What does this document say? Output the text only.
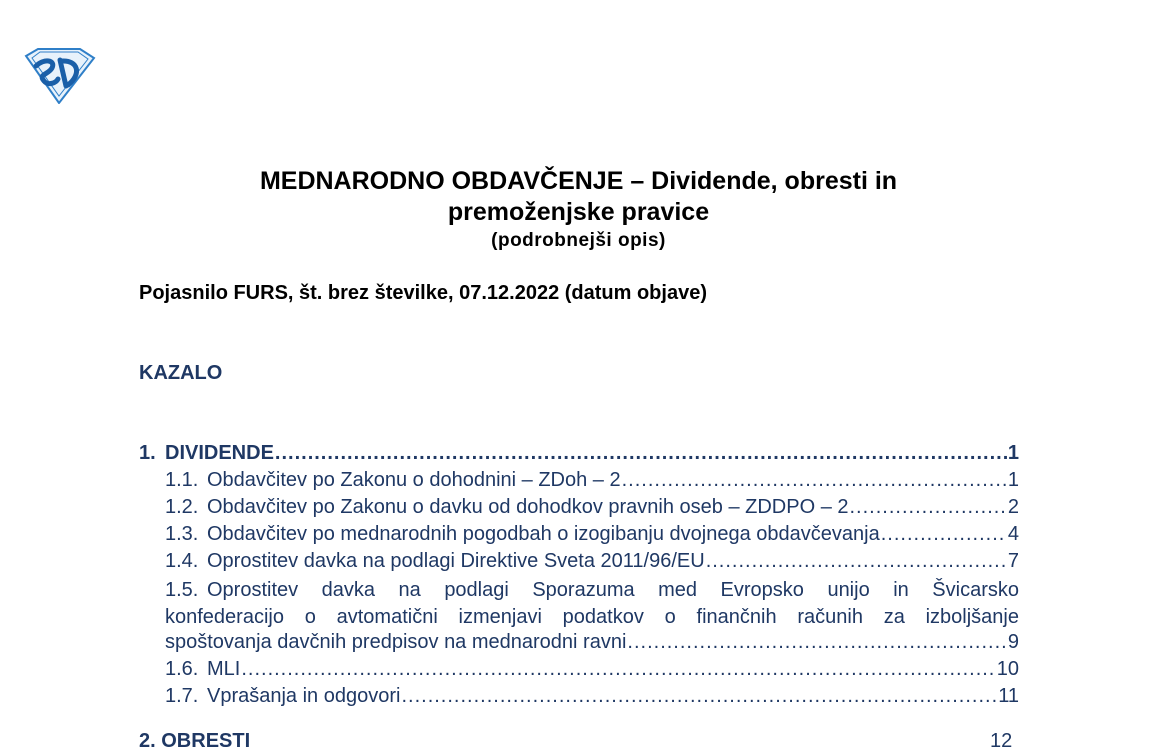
MEDNARODNO OBDAVČENJE – Dividende, obresti in
premoženjske pravice
(podrobnejši opis)
Pojasnilo FURS, št. brez številke, 07.12.2022 (datum objave)
KAZALO
1. DIVIDENDE .....	1
1.1. Obdavčitev po Zakonu o dohodnini – ZDoh – 2 .....	1
1.2. Obdavčitev po Zakonu o davku od dohodkov pravnih oseb – ZDDPO – 2 .....	2
1.3. Obdavčitev po mednarodnih pogodbah o izogibanju dvojnega obdavčevanja .....	4
1.4. Oprostitev davka na podlagi Direktive Sveta 2011/96/EU .....	7
1.5. Oprostitev davka na podlagi Sporazuma med Evropsko unijo in Švicarsko
konfederacijo o avtomatični izmenjavi podatkov o finančnih računih za izboljšanje
spoštovanja davčnih predpisov na mednarodni ravni .....	9
1.6. MLI .....	10
1.7. Vprašanja in odgovori .....	11
2. OBRESTI	12
